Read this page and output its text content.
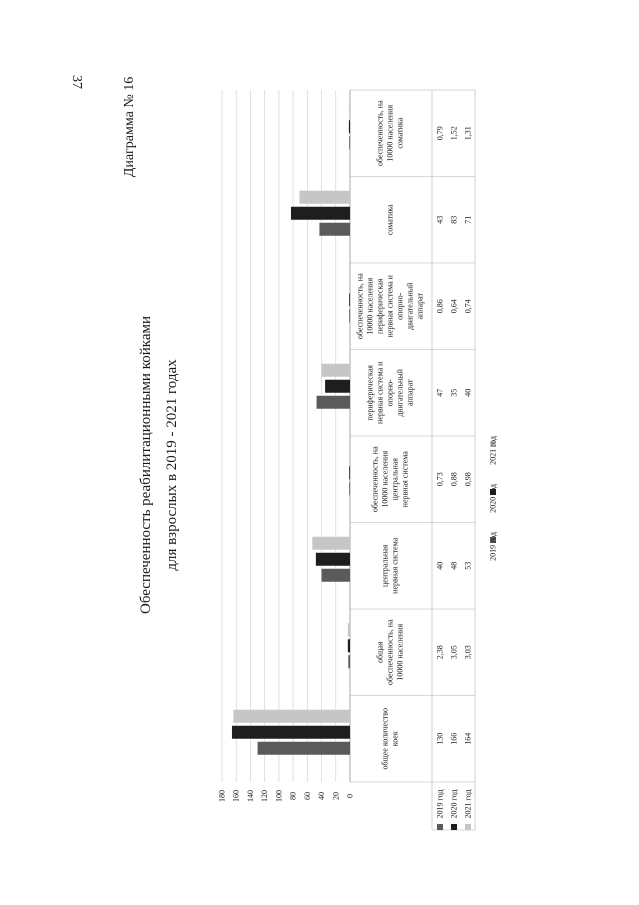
37	Диаграмма № 16
Обеспеченность реабилитационными койками для взрослых в 2019 - 2021 годах
0
20
40
60
80
100
120
140
160
180
130 166 164
общее количество коек
2,38 3,05 3,03
общая обеспеченность, на 10000 населения
40 48 53
центральная нервная система
0,73 0,88 0,98
обеспеченность, на 10000 населения центральная нервная система
47 35 40
периферическая нервная система и опорно- двигательный аппарат
0,86 0,64 0,74
обеспеченность, на 10000 населения периферическая нервная система и опорно- двигательный аппарат
43 83 71
соматика
0,79 1,52 1,31
обеспеченность, на 10000 населения соматика
2019 год 2020 год 2021 год
2019 год
2020 год
2021 год
